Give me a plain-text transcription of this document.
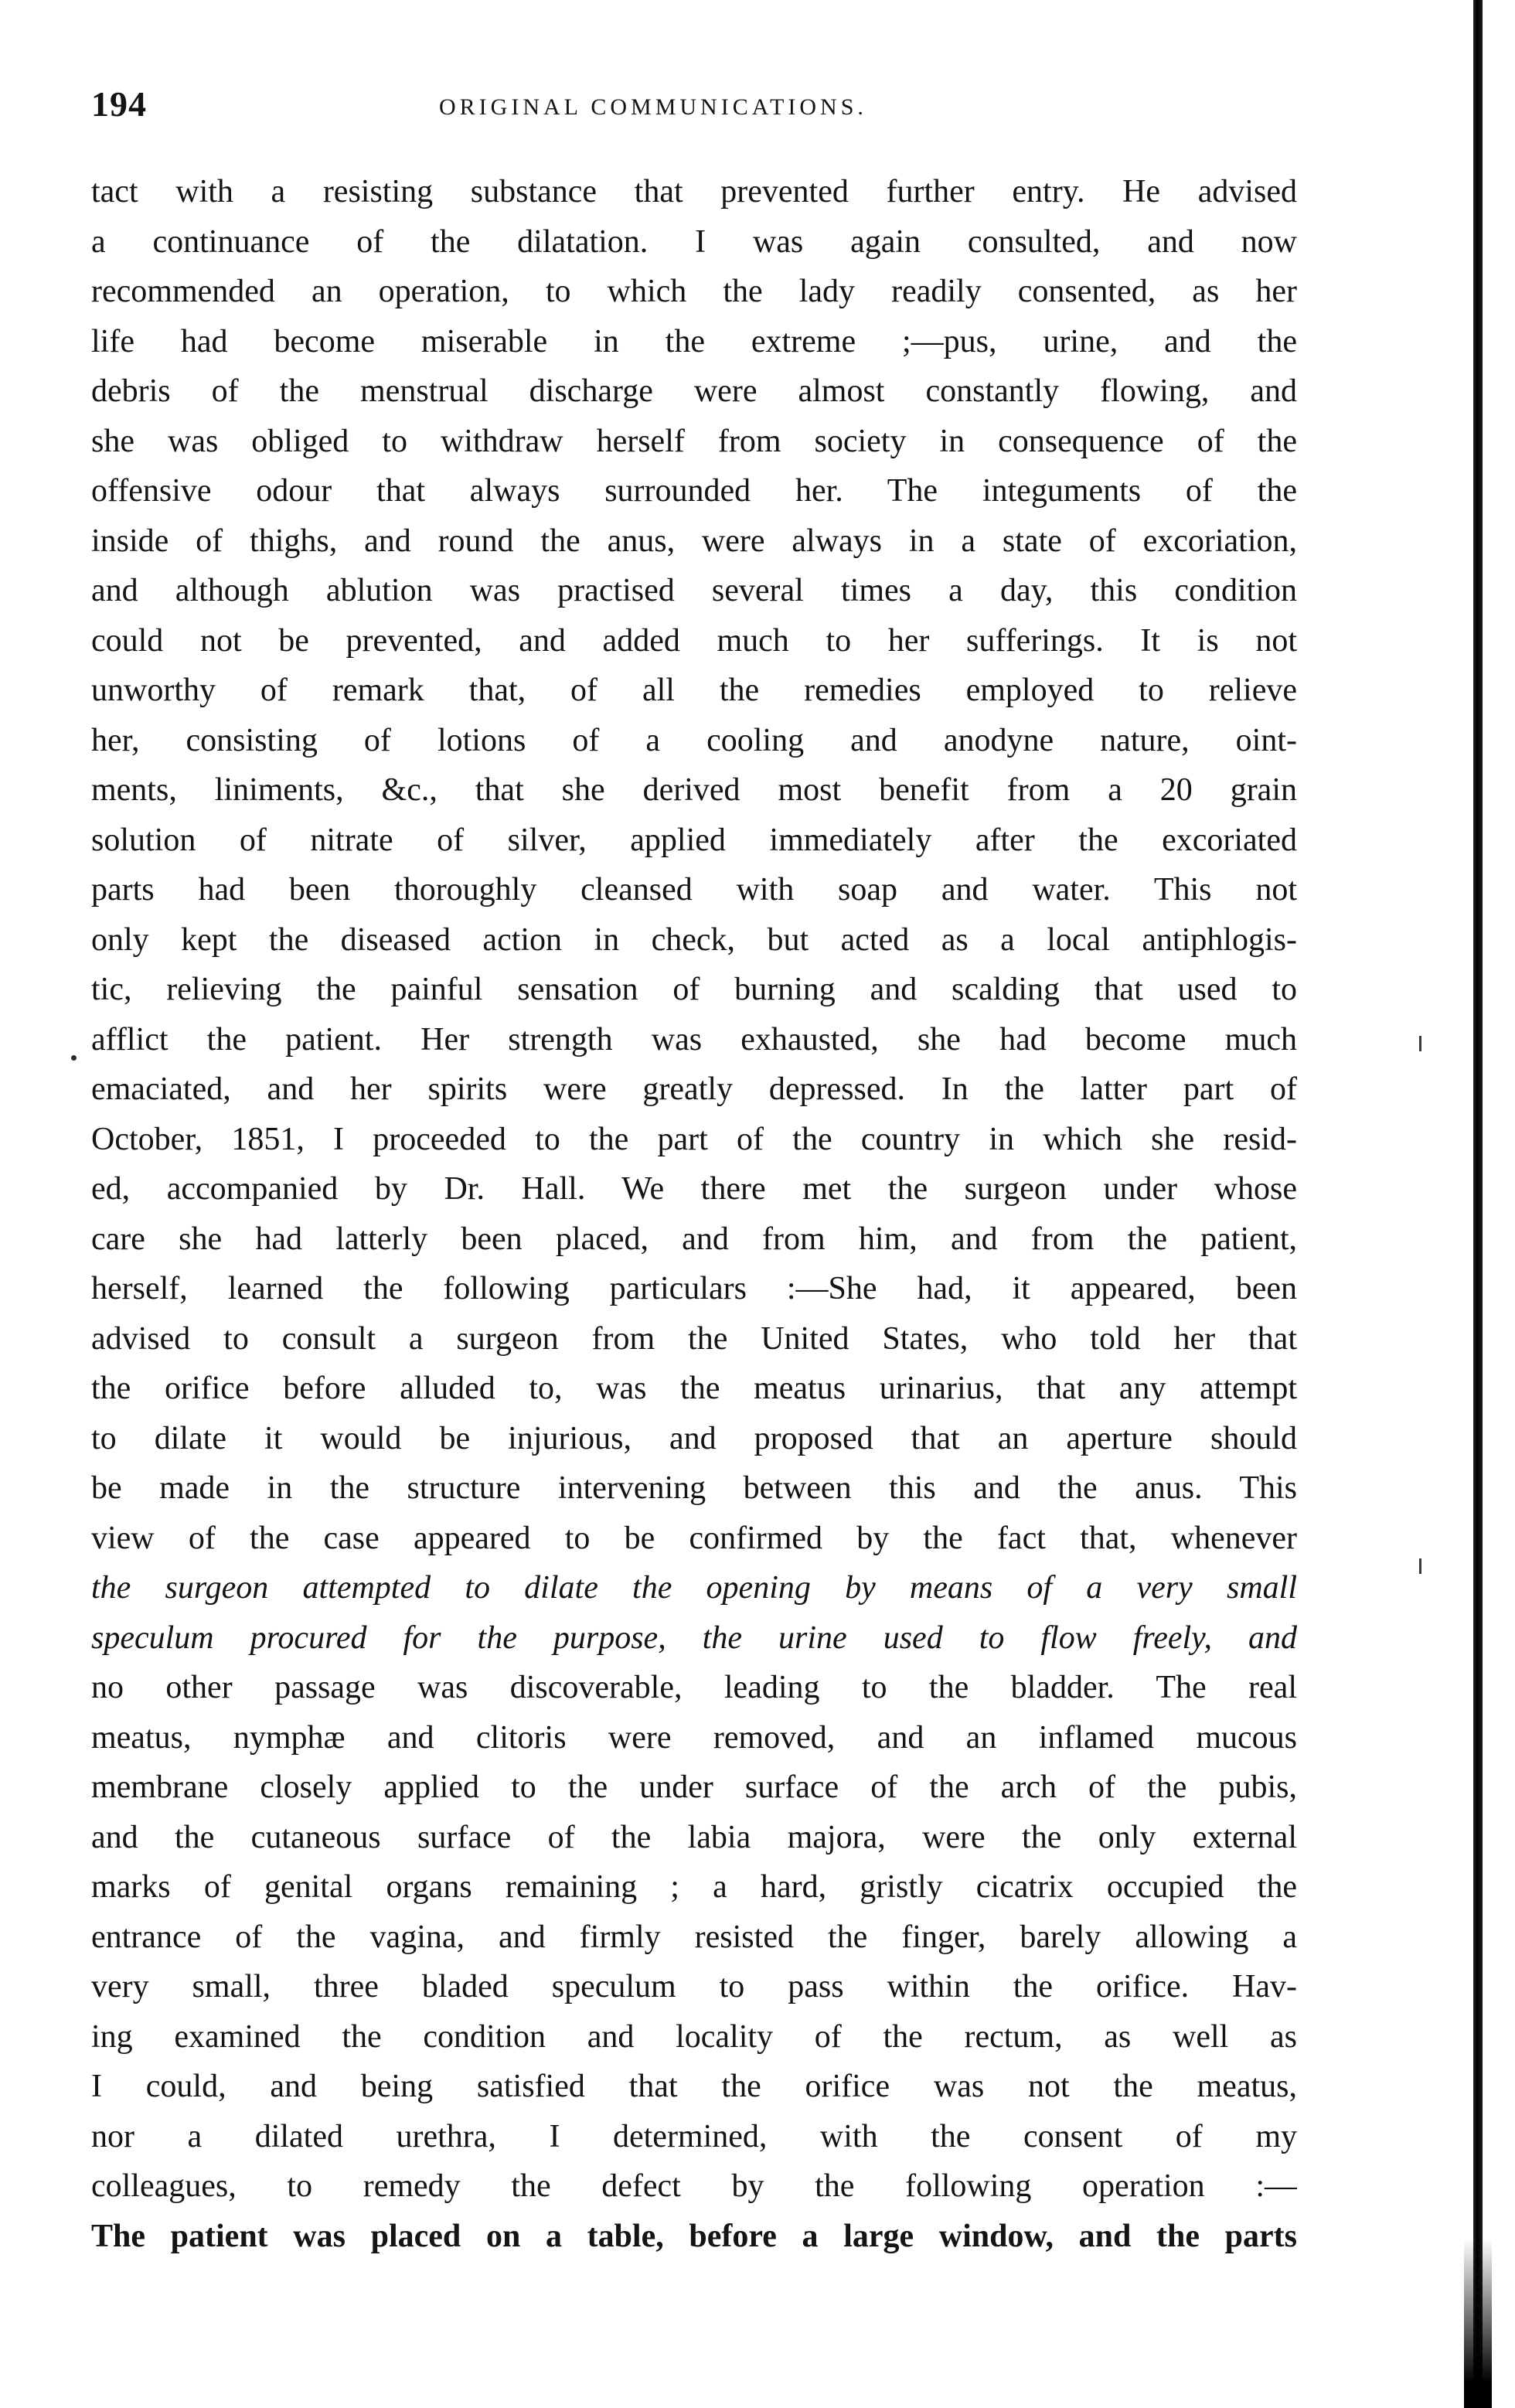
194	ORIGINAL COMMUNICATIONS.
tact with a resisting substance that prevented further entry. He advised
a continuance of the dilatation. I was again consulted, and now
recommended an operation, to which the lady readily consented, as her
life had become miserable in the extreme ;—pus, urine, and the
debris of the menstrual discharge were almost constantly flowing, and
she was obliged to withdraw herself from society in consequence of the
offensive odour that always surrounded her. The integuments of the
inside of thighs, and round the anus, were always in a state of excoriation,
and although ablution was practised several times a day, this condition
could not be prevented, and added much to her sufferings. It is not
unworthy of remark that, of all the remedies employed to relieve
her, consisting of lotions of a cooling and anodyne nature, oint-
ments, liniments, &c., that she derived most benefit from a 20 grain
solution of nitrate of silver, applied immediately after the excoriated
parts had been thoroughly cleansed with soap and water. This not
only kept the diseased action in check, but acted as a local antiphlogis-
tic, relieving the painful sensation of burning and scalding that used to
afflict the patient. Her strength was exhausted, she had become much
emaciated, and her spirits were greatly depressed. In the latter part of
October, 1851, I proceeded to the part of the country in which she resid-
ed, accompanied by Dr. Hall. We there met the surgeon under whose
care she had latterly been placed, and from him, and from the patient,
herself, learned the following particulars :—She had, it appeared, been
advised to consult a surgeon from the United States, who told her that
the orifice before alluded to, was the meatus urinarius, that any attempt
to dilate it would be injurious, and proposed that an aperture should
be made in the structure intervening between this and the anus. This
view of the case appeared to be confirmed by the fact that, whenever
the surgeon attempted to dilate the opening by means of a very small
speculum procured for the purpose, the urine used to flow freely, and
no other passage was discoverable, leading to the bladder. The real
meatus, nymphæ and clitoris were removed, and an inflamed mucous
membrane closely applied to the under surface of the arch of the pubis,
and the cutaneous surface of the labia majora, were the only external
marks of genital organs remaining ; a hard, gristly cicatrix occupied the
entrance of the vagina, and firmly resisted the finger, barely allowing a
very small, three bladed speculum to pass within the orifice. Hav-
ing examined the condition and locality of the rectum, as well as
I could, and being satisfied that the orifice was not the meatus,
nor a dilated urethra, I determined, with the consent of my
colleagues, to remedy the defect by the following operation :—
The patient was placed on a table, before a large window, and the parts
